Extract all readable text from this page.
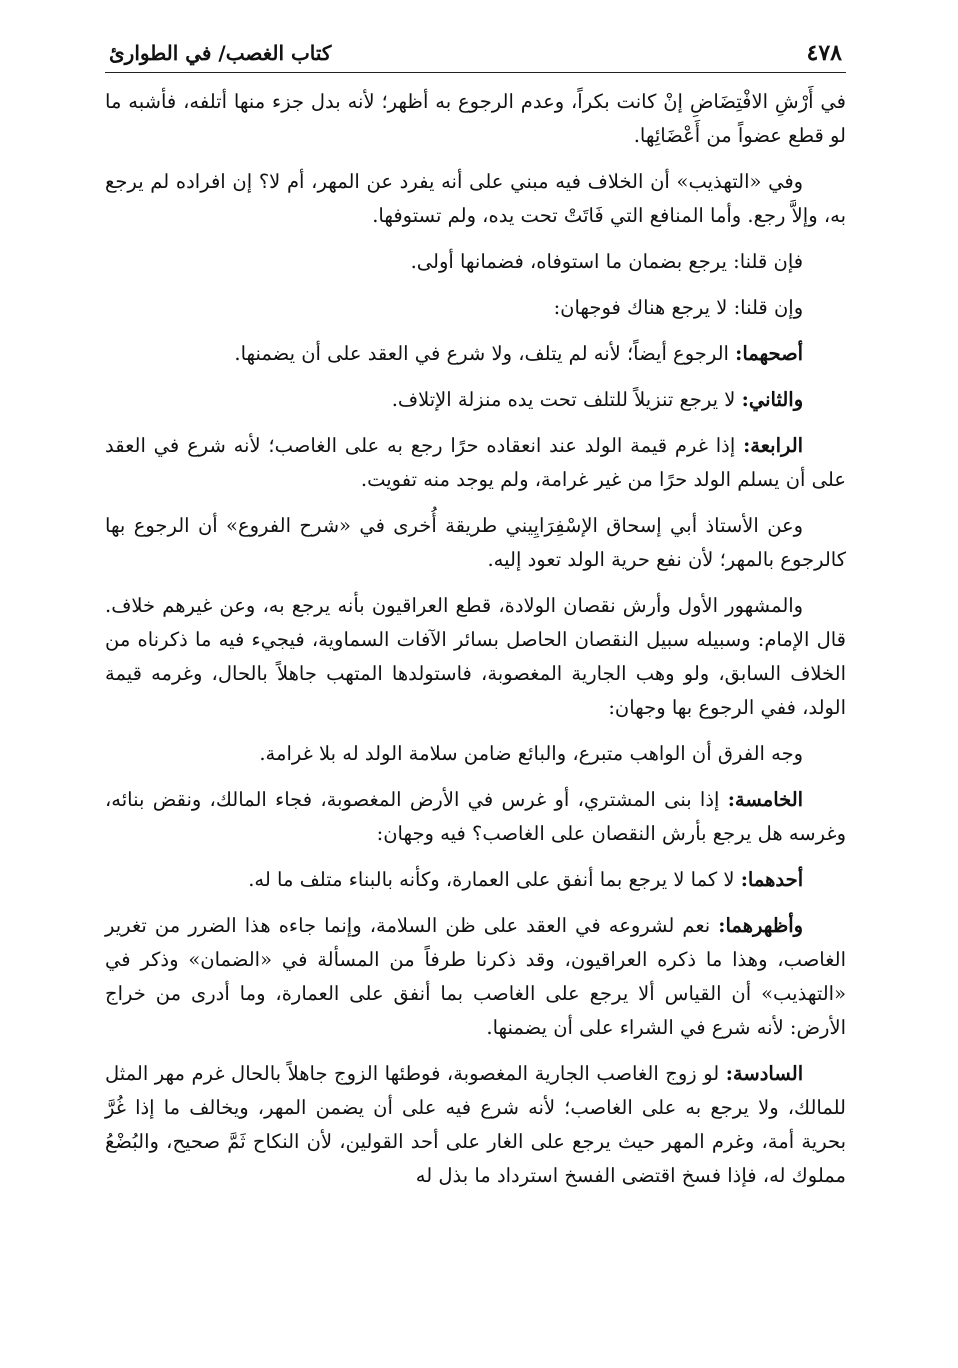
٤٧٨
كتاب الغصب/ في الطوارئ

في أَرْشِ الافْتِضَاضِ إنْ كانت بكراً، وعدم الرجوع به أظهر؛ لأنه بدل جزء منها أتلفه، فأشبه ما لو قطع عضواً من أَعْضَائِها.

وفي «التهذيب» أن الخلاف فيه مبني على أنه يفرد عن المهر، أم لا؟ إن افراده لم يرجع به، وإلاَّ رجع. وأما المنافع التي فَاتَتْ تحت يده، ولم تستوفها.

فإن قلنا: يرجع بضمان ما استوفاه، فضمانها أولى.

وإن قلنا: لا يرجع هناك فوجهان:

أصحهما: الرجوع أيضاً؛ لأنه لم يتلف، ولا شرع في العقد على أن يضمنها.

والثاني: لا يرجع تنزيلاً للتلف تحت يده منزلة الإتلاف.

الرابعة: إذا غرم قيمة الولد عند انعقاده حرًا رجع به على الغاصب؛ لأنه شرع في العقد على أن يسلم الولد حرًا من غير غرامة، ولم يوجد منه تفويت.

وعن الأستاذ أبي إسحاق الإسْفِرَايِيني طريقة أُخرى في «شرح الفروع» أن الرجوع بها كالرجوع بالمهر؛ لأن نفع حرية الولد تعود إليه.

والمشهور الأول وأرش نقصان الولادة، قطع العراقيون بأنه يرجع به، وعن غيرهم خلاف. قال الإمام: وسبيله سبيل النقصان الحاصل بسائر الآفات السماوية، فيجيء فيه ما ذكرناه من الخلاف السابق، ولو وهب الجارية المغصوبة، فاستولدها المتهب جاهلاً بالحال، وغرمه قيمة الولد، ففي الرجوع بها وجهان:

وجه الفرق أن الواهب متبرع، والبائع ضامن سلامة الولد له بلا غرامة.

الخامسة: إذا بنى المشتري، أو غرس في الأرض المغصوبة، فجاء المالك، ونقض بنائه، وغرسه هل يرجع بأرش النقصان على الغاصب؟ فيه وجهان:

أحدهما: لا كما لا يرجع بما أنفق على العمارة، وكأنه بالبناء متلف ما له.

وأظهرهما: نعم لشروعه في العقد على ظن السلامة، وإنما جاءه هذا الضرر من تغرير الغاصب، وهذا ما ذكره العراقيون، وقد ذكرنا طرفاً من المسألة في «الضمان» وذكر في «التهذيب» أن القياس ألا يرجع على الغاصب بما أنفق على العمارة، وما أدرى من خراج الأرض: لأنه شرع في الشراء على أن يضمنها.

السادسة: لو زوج الغاصب الجارية المغصوبة، فوطئها الزوج جاهلاً بالحال غرم مهر المثل للمالك، ولا يرجع به على الغاصب؛ لأنه شرع فيه على أن يضمن المهر، ويخالف ما إذا غُرَّ بحرية أمة، وغرم المهر حيث يرجع على الغار على أحد القولين، لأن النكاح ثَمَّ صحيح، والبُضْعُ مملوك له، فإذا فسخ اقتضى الفسخ استرداد ما بذل له
